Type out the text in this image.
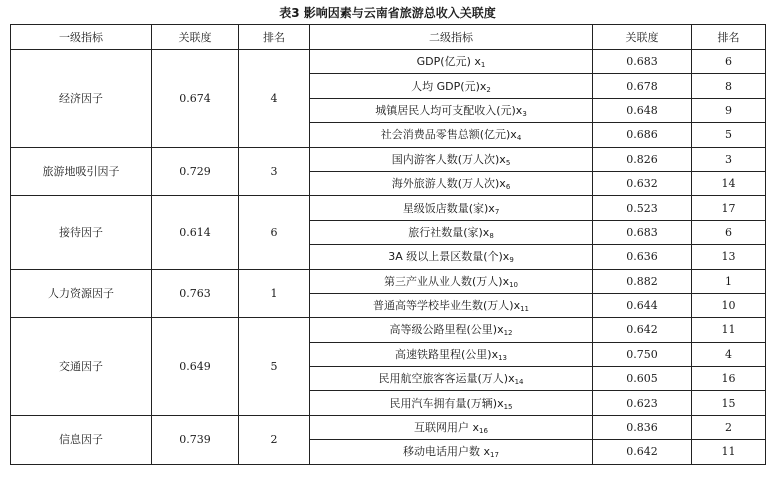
表3 影响因素与云南省旅游总收入关联度
一级指标	关联度	排名	二级指标	关联度	排名
经济因子	0.674	4	GDP(亿元) $x_1$	0.683	6
			人均 GDP(元)$x_2$	0.678	8
			城镇居民人均可支配收入(元)$x_3$	0.648	9
			社会消费品零售总额(亿元)$x_4$	0.686	5
旅游地吸引因子	0.729	3	国内游客人数(万人次)$x_5$	0.826	3
			海外旅游人数(万人次)$x_6$	0.632	14
接待因子	0.614	6	星级饭店数量(家)$x_7$	0.523	17
			旅行社数量(家)$x_8$	0.683	6
			3A 级以上景区数量(个)$x_9$	0.636	13
人力资源因子	0.763	1	第三产业从业人数(万人)$x_{10}$	0.882	1
			普通高等学校毕业生数(万人)$x_{11}$	0.644	10
交通因子	0.649	5	高等级公路里程(公里)$x_{12}$	0.642	11
			高速铁路里程(公里)$x_{13}$	0.750	4
			民用航空旅客客运量(万人)$x_{14}$	0.605	16
			民用汽车拥有量(万辆)$x_{15}$	0.623	15
信息因子	0.739	2	互联网用户 $x_{16}$	0.836	2
			移动电话用户数 $x_{17}$	0.642	11
